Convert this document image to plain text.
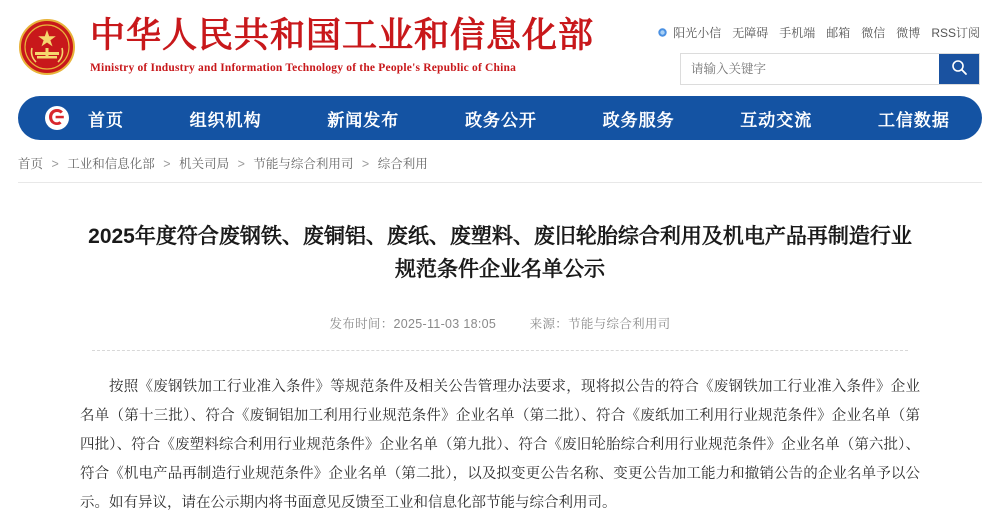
中华人民共和国工业和信息化部
Ministry of Industry and Information Technology of the People's Republic of China
阳光小信 无障碍 手机端 邮箱 微信 微博 RSS订阅
请输入关键字
首页	组织机构	新闻发布	政务公开	政务服务	互动交流	工信数据
首页 > 工业和信息化部 > 机关司局 > 节能与综合利用司 > 综合利用
2025年度符合废钢铁、废铜铝、废纸、废塑料、废旧轮胎综合利用及机电产品再制造行业规范条件企业名单公示
发布时间：2025-11-03 18:05	来源：节能与综合利用司

按照《废钢铁加工行业准入条件》等规范条件及相关公告管理办法要求，现将拟公告的符合《废钢铁加工行业准入条件》企业名单（第十三批）、符合《废铜铝加工利用行业规范条件》企业名单（第二批）、符合《废纸加工利用行业规范条件》企业名单（第四批）、符合《废塑料综合利用行业规范条件》企业名单（第九批）、符合《废旧轮胎综合利用行业规范条件》企业名单（第六批）、符合《机电产品再制造行业规范条件》企业名单（第二批），以及拟变更公告名称、变更公告加工能力和撤销公告的企业名单予以公示。如有异议，请在公示期内将书面意见反馈至工业和信息化部节能与综合利用司。
